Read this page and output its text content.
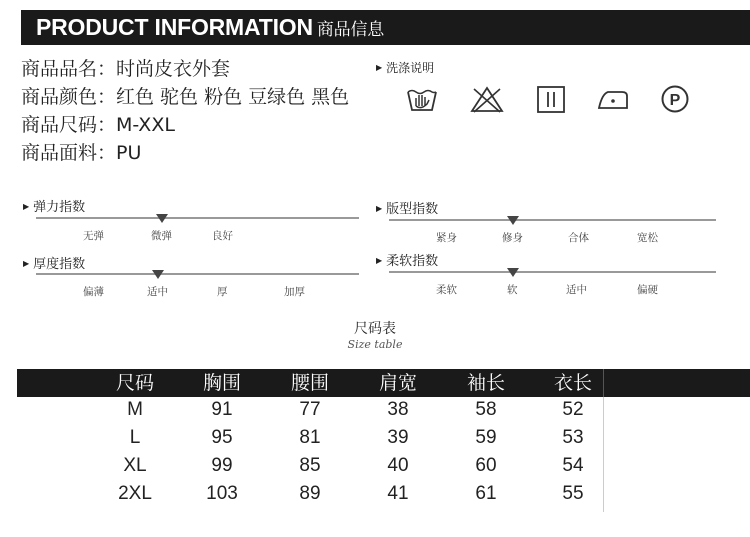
PRODUCT INFORMATION 商品信息
商品品名：时尚皮衣外套
商品颜色：红色 驼色 粉色 豆绿色 黑色
商品尺码：M-XXL
商品面料：PU
▶ 洗涤说明
P
▶ 弹力指数
无弹	微弹	良好
▶ 厚度指数
偏薄	适中	厚	加厚
▶ 版型指数
紧身	修身	合体	宽松
▶ 柔软指数
柔软	软	适中	偏硬
尺码表
Size table
尺码	胸围	腰围	肩宽	袖长	衣长
M	91	77	38	58	52
L	95	81	39	59	53
XL	99	85	40	60	54
2XL	103	89	41	61	55
